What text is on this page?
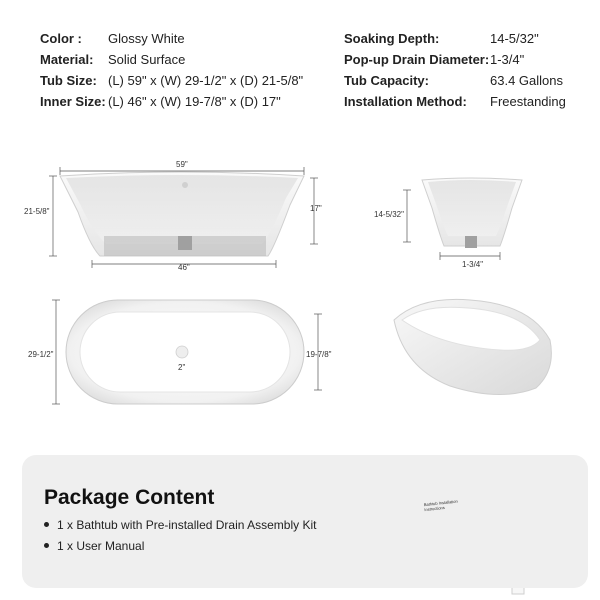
Color : Glossy White
Material: Solid Surface
Tub Size: (L) 59" x (W) 29-1/2" x (D) 21-5/8"
Inner Size: (L) 46" x (W) 19-7/8" x (D) 17"
Soaking Depth:	14-5/32"
Pop-up Drain Diameter: 1-3/4"
Tub Capacity:	63.4 Gallons
Installation Method: Freestanding
59"
21-5/8"	17"
46"
14-5/32"
1-3/4"
29-1/2"	19-7/8"
2"
Package Content
1 x Bathtub with Pre-installed Drain Assembly Kit
1 x User Manual
Bathtub Installation Instructions
